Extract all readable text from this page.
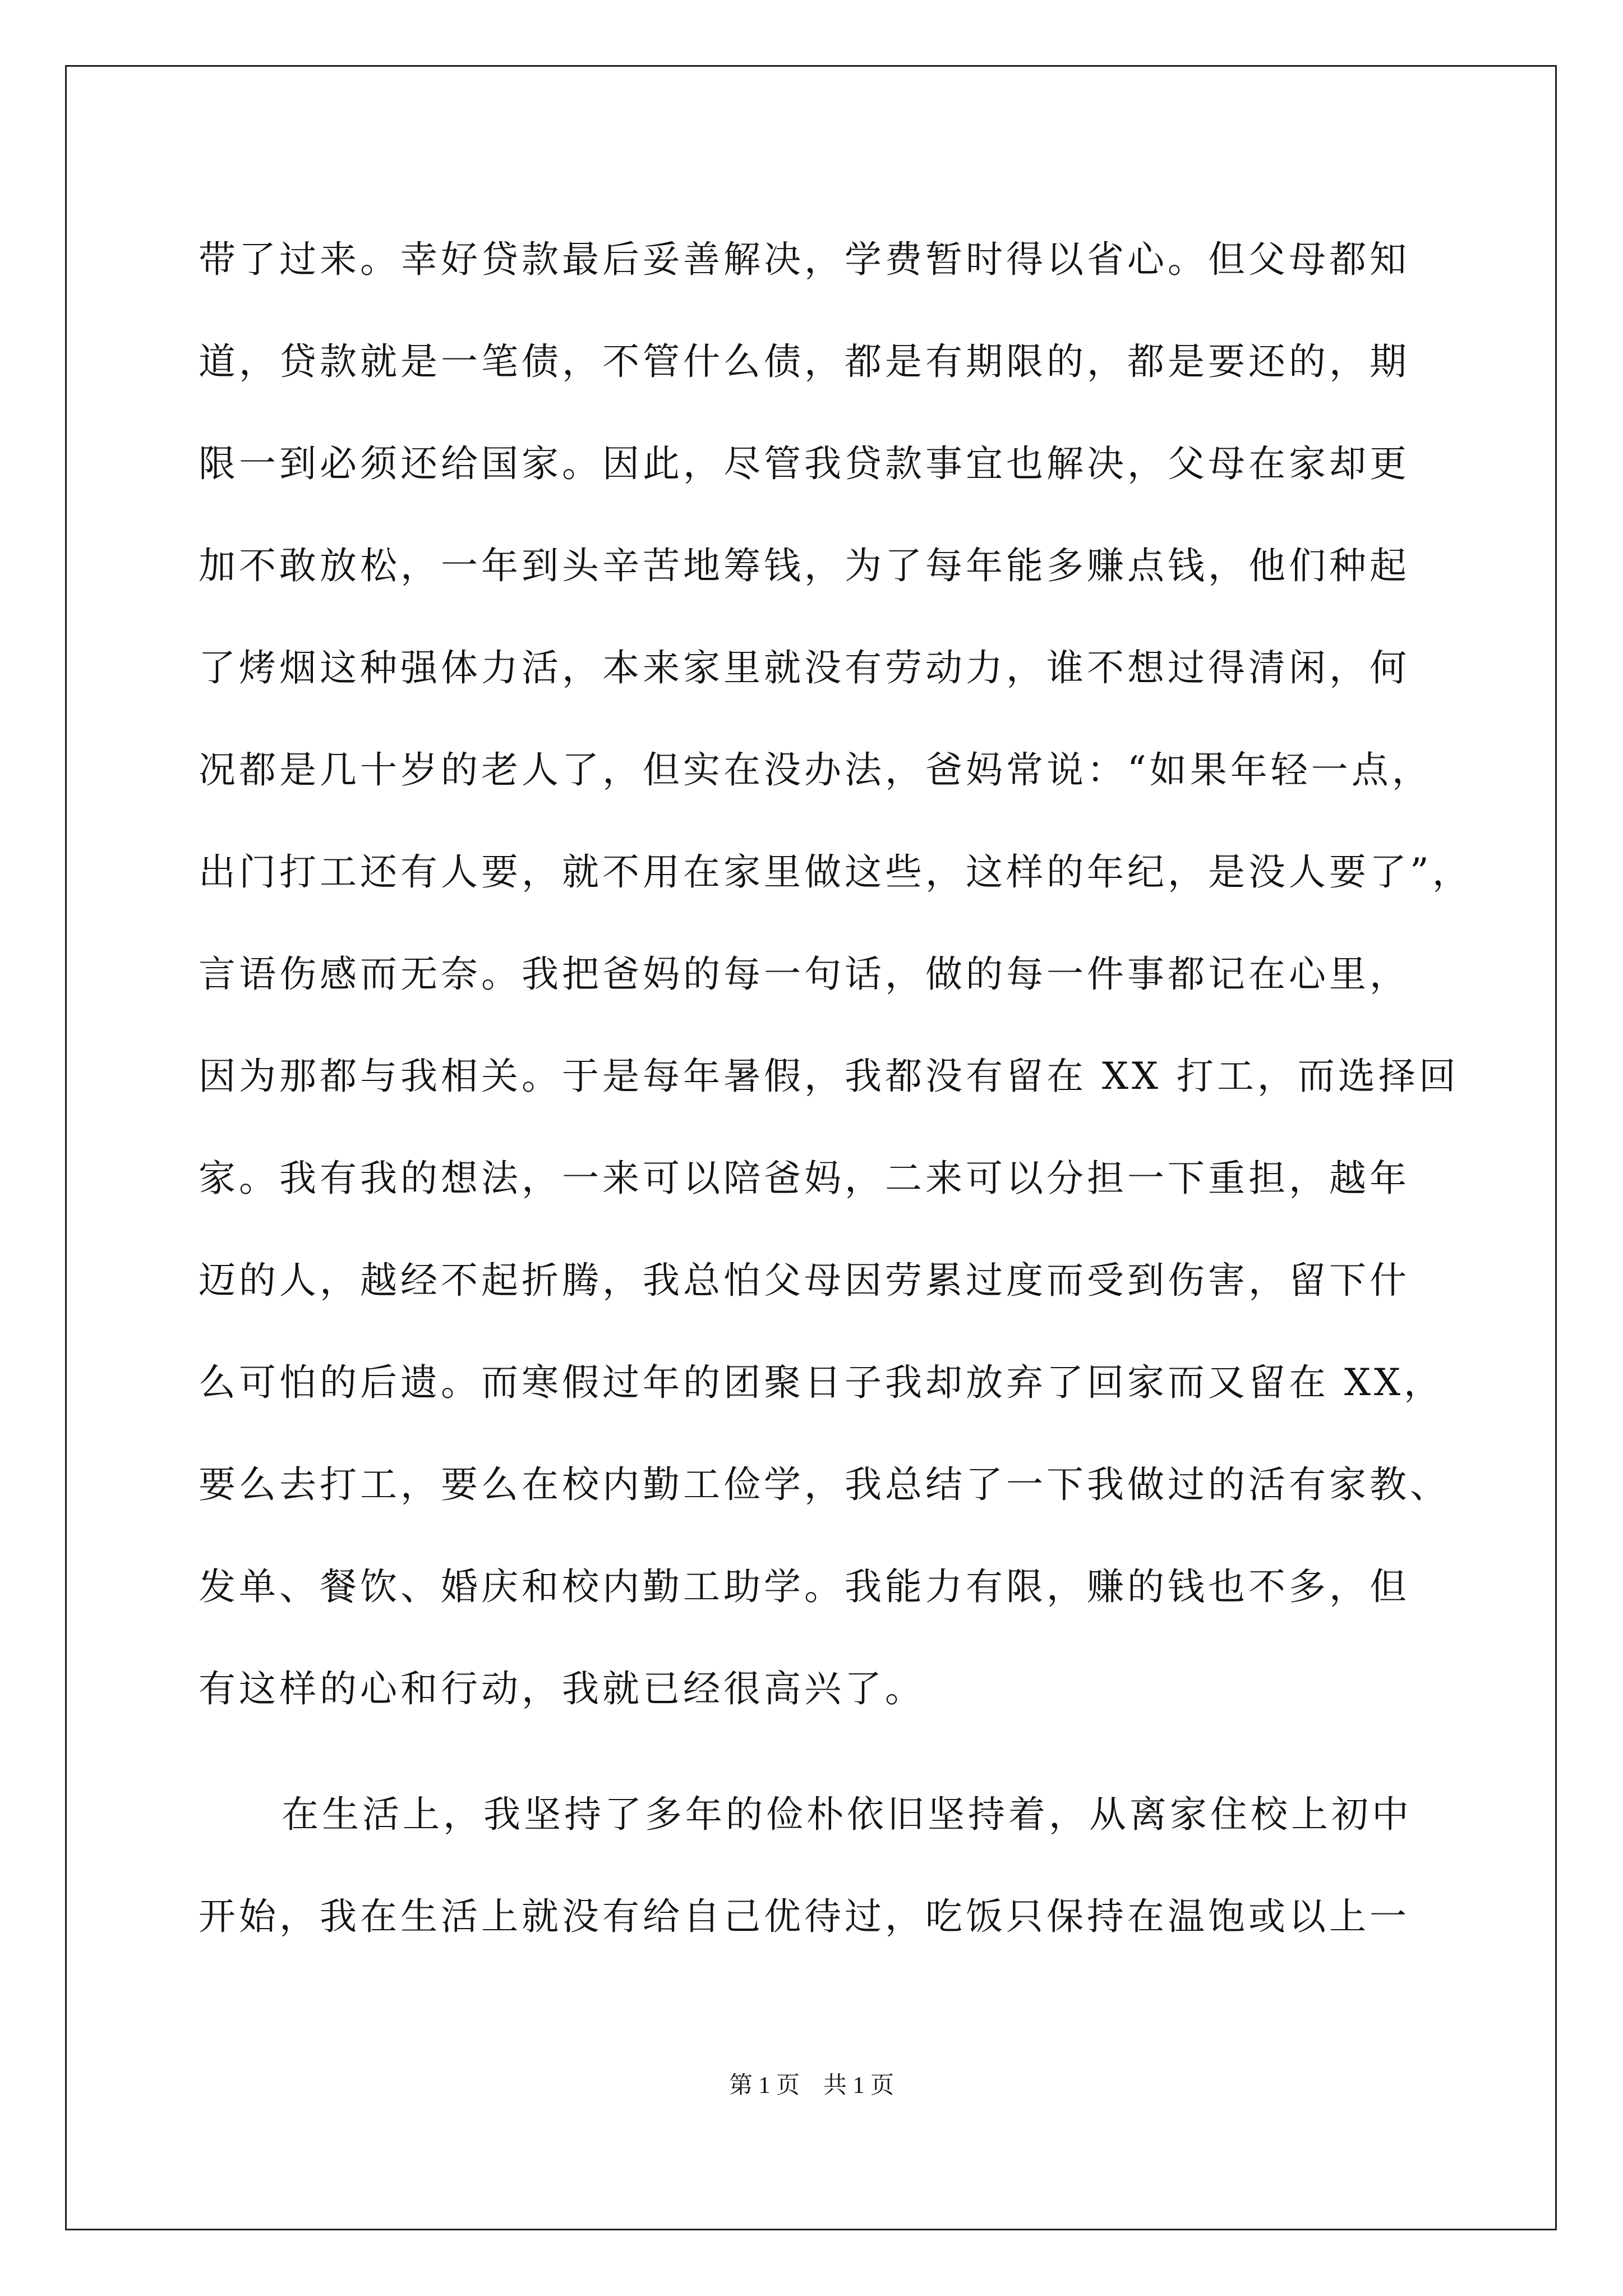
带了过来。幸好贷款最后妥善解决，学费暂时得以省心。但父母都知
道，贷款就是一笔债，不管什么债，都是有期限的，都是要还的，期
限一到必须还给国家。因此，尽管我贷款事宜也解决，父母在家却更
加不敢放松，一年到头辛苦地筹钱，为了每年能多赚点钱，他们种起
了烤烟这种强体力活，本来家里就没有劳动力，谁不想过得清闲，何
况都是几十岁的老人了，但实在没办法，爸妈常说：“如果年轻一点，
出门打工还有人要，就不用在家里做这些，这样的年纪，是没人要了”，
言语伤感而无奈。我把爸妈的每一句话，做的每一件事都记在心里，
因为那都与我相关。于是每年暑假，我都没有留在 XX 打工，而选择回
家。我有我的想法，一来可以陪爸妈，二来可以分担一下重担，越年
迈的人，越经不起折腾，我总怕父母因劳累过度而受到伤害，留下什
么可怕的后遗。而寒假过年的团聚日子我却放弃了回家而又留在 XX，
要么去打工，要么在校内勤工俭学，我总结了一下我做过的活有家教、
发单、餐饮、婚庆和校内勤工助学。我能力有限，赚的钱也不多，但
有这样的心和行动，我就已经很高兴了。
在生活上，我坚持了多年的俭朴依旧坚持着，从离家住校上初中
开始，我在生活上就没有给自己优待过，吃饭只保持在温饱或以上一
第 1 页    共 1 页
